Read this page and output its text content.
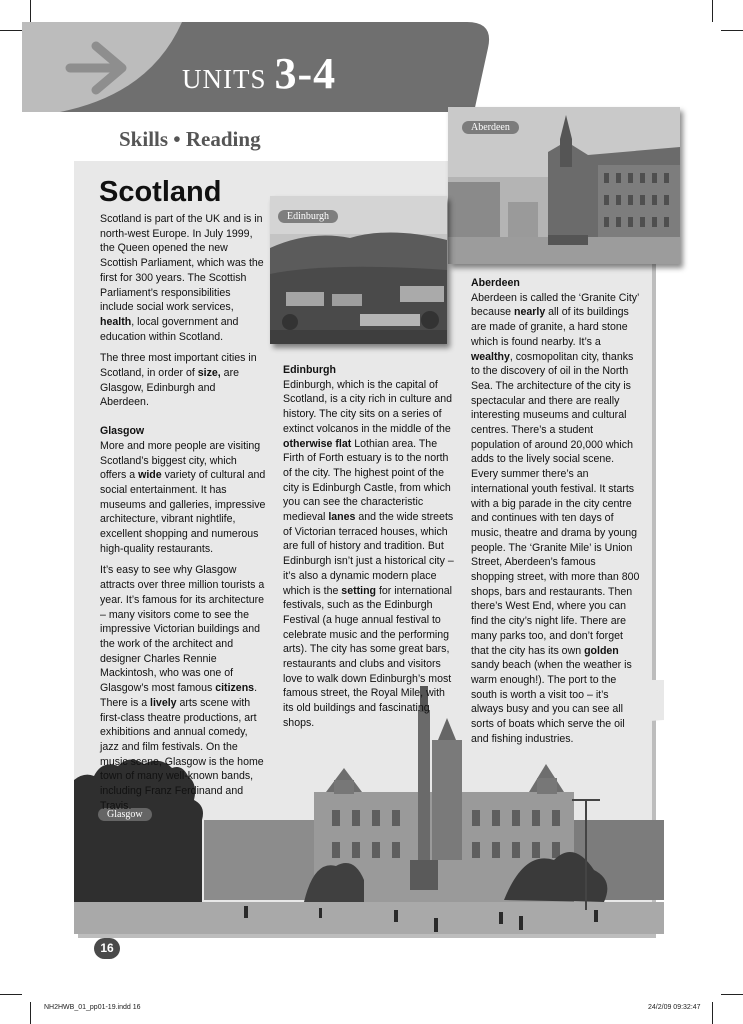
UNITS 3-4
Skills • Reading	Aberdeen
Edinburgh
Glasgow
Scotland

Scotland is part of the UK and is in north-west Europe. In July 1999, the Queen opened the new Scottish Parliament, which was the first for 300 years. The Scottish Parliament’s responsibilities include social work services, health, local government and education within Scotland.

The three most important cities in Scotland, in order of size, are Glasgow, Edinburgh and Aberdeen.

Glasgow

More and more people are visiting Scotland’s biggest city, which offers a wide variety of cultural and social entertainment. It has museums and galleries, impressive architecture, vibrant nightlife, excellent shopping and numerous high-quality restaurants.

It’s easy to see why Glasgow attracts over three million tourists a year. It’s famous for its architecture – many visitors come to see the impressive Victorian buildings and the work of the architect and designer Charles Rennie Mackintosh, who was one of Glasgow’s most famous citizens. There is a lively arts scene with first-class theatre productions, art exhibitions and annual comedy, jazz and film festivals. On the music scene, Glasgow is the home town of many well-known bands, including Franz Ferdinand and Travis.

Edinburgh

Edinburgh, which is the capital of Scotland, is a city rich in culture and history. The city sits on a series of extinct volcanos in the middle of the otherwise flat Lothian area. The Firth of Forth estuary is to the north of the city. The highest point of the city is Edinburgh Castle, from which you can see the characteristic medieval lanes and the wide streets of Victorian terraced houses, which are full of history and tradition. But Edinburgh isn’t just a historical city – it’s also a dynamic modern place which is the setting for international festivals, such as the Edinburgh Festival (a huge annual festival to celebrate music and the performing arts). The city has some great bars, restaurants and clubs and visitors love to walk down Edinburgh’s most famous street, the Royal Mile, with its old buildings and fascinating shops.

Aberdeen

Aberdeen is called the ‘Granite City’ because nearly all of its buildings are made of granite, a hard stone which is found nearby. It’s a wealthy, cosmopolitan city, thanks to the discovery of oil in the North Sea. The architecture of the city is spectacular and there are really interesting museums and cultural centres. There’s a student population of around 20,000 which adds to the lively social scene. Every summer there’s an international youth festival. It starts with a big parade in the city centre and continues with ten days of music, theatre and drama by young people. The ‘Granite Mile’ is Union Street, Aberdeen’s famous shopping street, with more than 800 shops, bars and restaurants. Then there’s West End, where you can find the city’s night life. There are many parks too, and don’t forget that the city has its own golden sandy beach (when the weather is warm enough!). The port to the south is worth a visit too – it’s always busy and you can see all sorts of boats which serve the oil and fishing industries.

16
NH2HWB_01_pp01-19.indd 16	24/2/09 09:32:47
